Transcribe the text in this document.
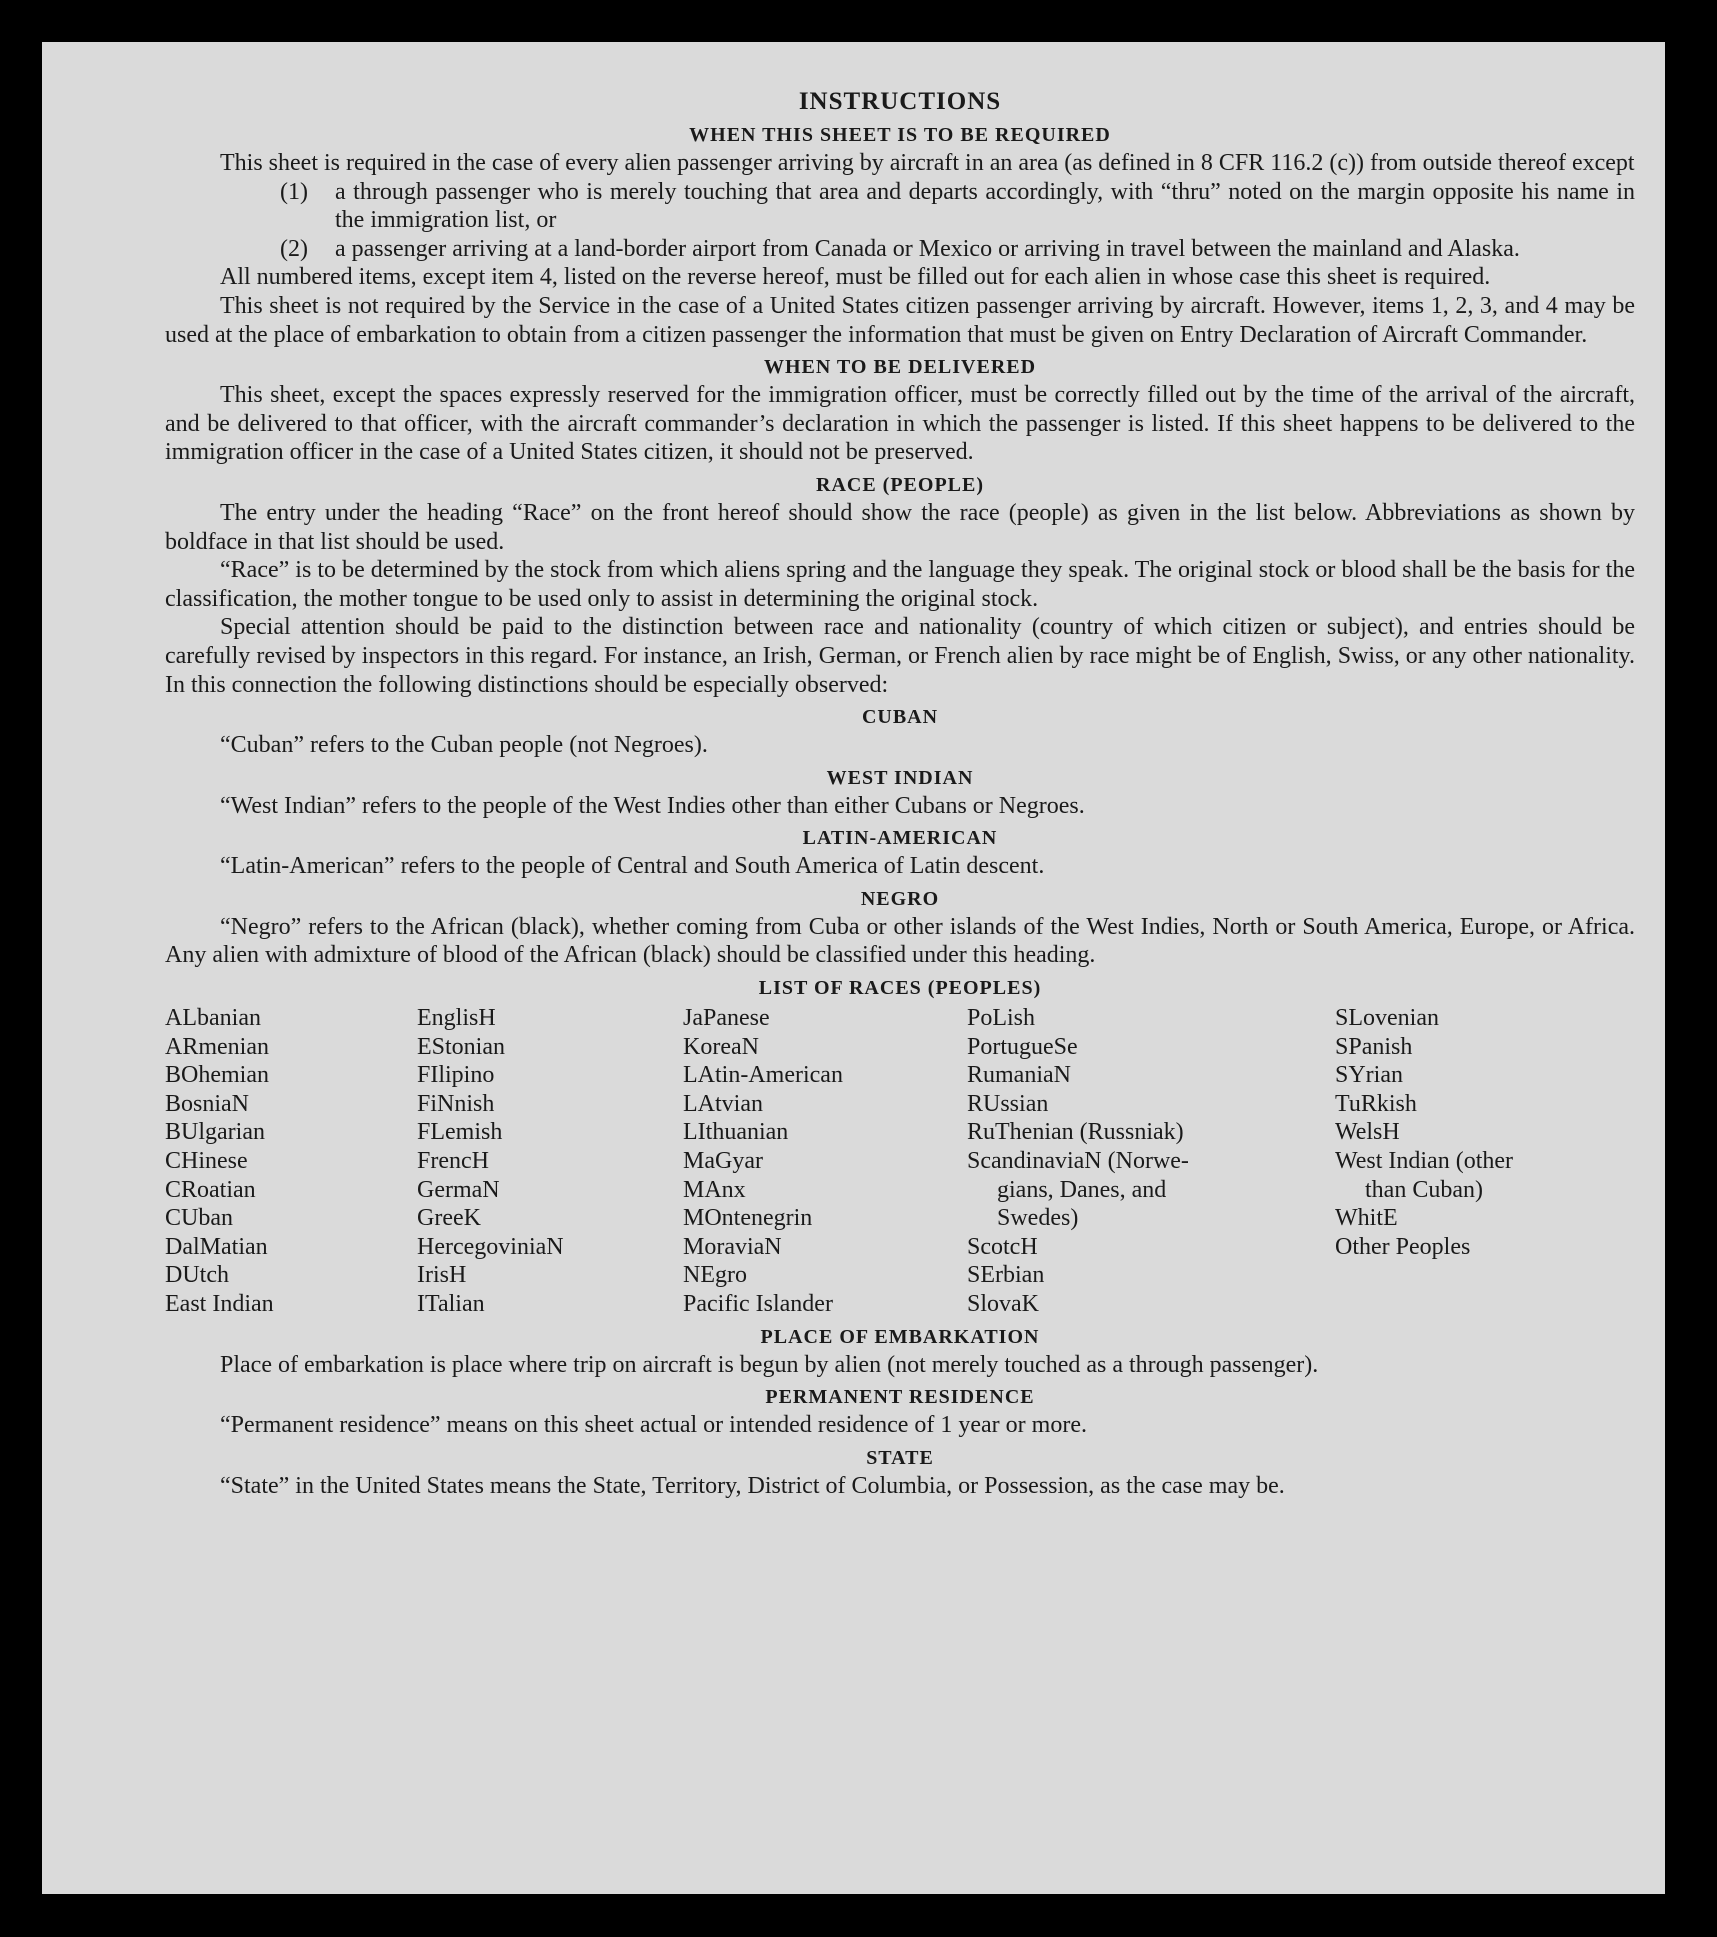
INSTRUCTIONS
WHEN THIS SHEET IS TO BE REQUIRED

This sheet is required in the case of every alien passenger arriving by aircraft in an area (as defined in 8 CFR 116.2 (c)) from outside thereof except

(1) a through passenger who is merely touching that area and departs accordingly, with “thru” noted on the margin opposite his name in the immigration list, or

(2) a passenger arriving at a land-border airport from Canada or Mexico or arriving in travel between the mainland and Alaska.

All numbered items, except item 4, listed on the reverse hereof, must be filled out for each alien in whose case this sheet is required.

This sheet is not required by the Service in the case of a United States citizen passenger arriving by aircraft. However, items 1, 2, 3, and 4 may be used at the place of embarkation to obtain from a citizen passenger the information that must be given on Entry Declaration of Aircraft Commander.

WHEN TO BE DELIVERED

This sheet, except the spaces expressly reserved for the immigration officer, must be correctly filled out by the time of the arrival of the aircraft, and be delivered to that officer, with the aircraft commander’s declaration in which the passenger is listed. If this sheet happens to be delivered to the immigration officer in the case of a United States citizen, it should not be preserved.

RACE (PEOPLE)

The entry under the heading “Race” on the front hereof should show the race (people) as given in the list below. Abbreviations as shown by boldface in that list should be used.

“Race” is to be determined by the stock from which aliens spring and the language they speak. The original stock or blood shall be the basis for the classification, the mother tongue to be used only to assist in determining the original stock.

Special attention should be paid to the distinction between race and nationality (country of which citizen or subject), and entries should be carefully revised by inspectors in this regard. For instance, an Irish, German, or French alien by race might be of English, Swiss, or any other nationality. In this connection the following distinctions should be especially observed:

CUBAN

“Cuban” refers to the Cuban people (not Negroes).

WEST INDIAN

“West Indian” refers to the people of the West Indies other than either Cubans or Negroes.

LATIN-AMERICAN

“Latin-American” refers to the people of Central and South America of Latin descent.

NEGRO

“Negro” refers to the African (black), whether coming from Cuba or other islands of the West Indies, North or South America, Europe, or Africa. Any alien with admixture of blood of the African (black) should be classified under this heading.

LIST OF RACES (PEOPLES)
ALbanian
ARmenian
BOhemian
BosniaN
BUlgarian
CHinese
CRoatian
CUban
DalMatian
DUtch
East Indian
EnglisH
EStonian
FIlipino
FiNnish
FLemish
FrencH
GermaN
GreeK
HercegoviniaN
IrisH
ITalian
JaPanese
KoreaN
LAtin-American
LAtvian
LIthuanian
MaGyar
MAnx
MOntenegrin
MoraviaN
NEgro
Pacific Islander
PoLish
PortugueSe
RumaniaN
RUssian
RuThenian (Russniak)
ScandinaviaN (Norwe-
gians, Danes, and
Swedes)
ScotcH
SErbian
SlovaK
SLovenian
SPanish
SYrian
TuRkish
WelsH
West Indian (other
than Cuban)
WhitE
Other Peoples
PLACE OF EMBARKATION

Place of embarkation is place where trip on aircraft is begun by alien (not merely touched as a through passenger).

PERMANENT RESIDENCE

“Permanent residence” means on this sheet actual or intended residence of 1 year or more.

STATE

“State” in the United States means the State, Territory, District of Columbia, or Possession, as the case may be.
